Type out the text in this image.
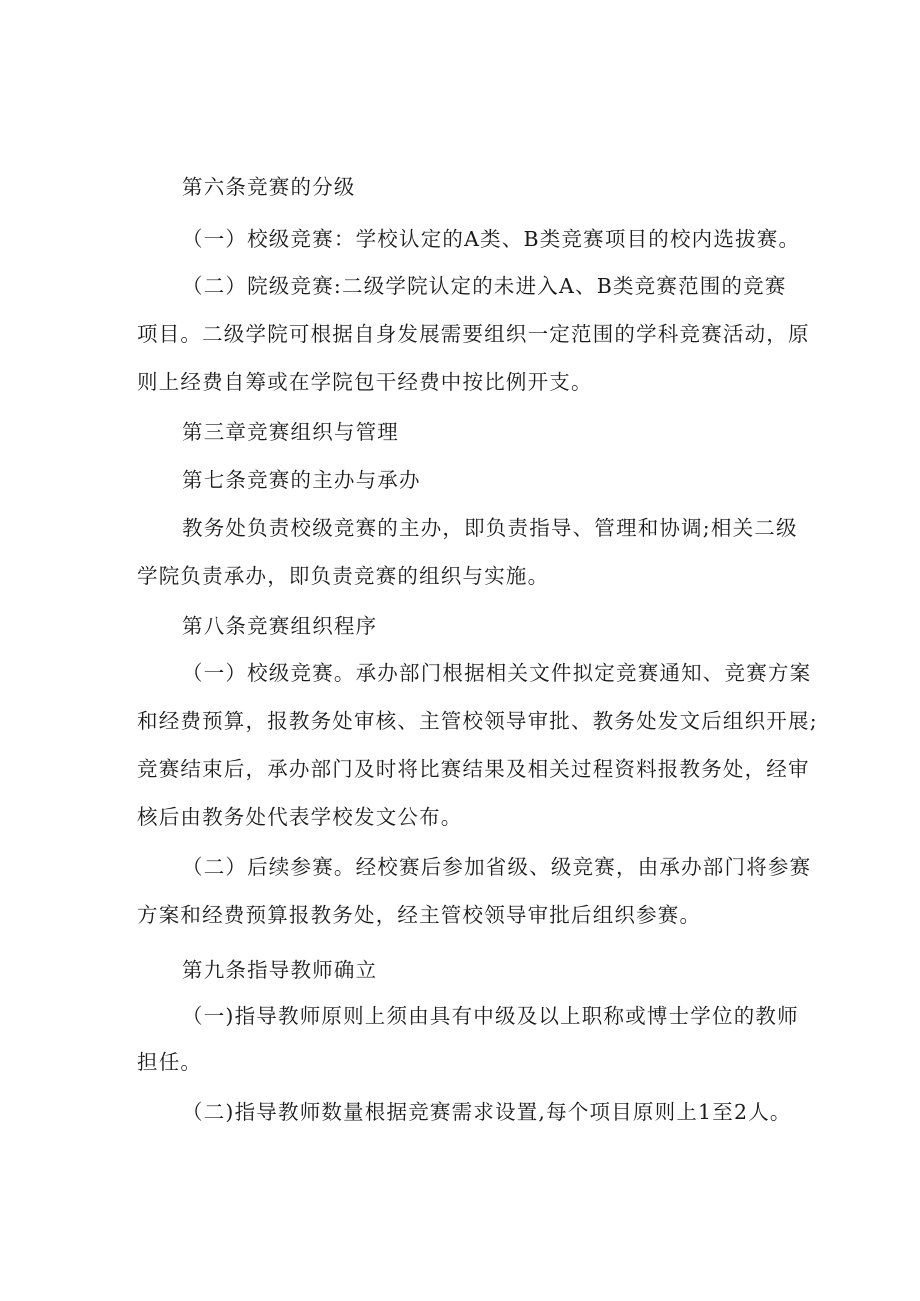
第六条竞赛的分级
（一）校级竞赛：学校认定的A类、B类竞赛项目的校内选拔赛。
（二）院级竞赛:二级学院认定的未进入A、B类竞赛范围的竞赛
项目。二级学院可根据自身发展需要组织一定范围的学科竞赛活动，原
则上经费自筹或在学院包干经费中按比例开支。
第三章竞赛组织与管理
第七条竞赛的主办与承办
教务处负责校级竞赛的主办，即负责指导、管理和协调;相关二级
学院负责承办，即负责竞赛的组织与实施。
第八条竞赛组织程序
（一）校级竞赛。承办部门根据相关文件拟定竞赛通知、竞赛方案
和经费预算，报教务处审核、主管校领导审批、教务处发文后组织开展;
竞赛结束后，承办部门及时将比赛结果及相关过程资料报教务处，经审
核后由教务处代表学校发文公布。
（二）后续参赛。经校赛后参加省级、级竞赛，由承办部门将参赛
方案和经费预算报教务处，经主管校领导审批后组织参赛。
第九条指导教师确立
（一)指导教师原则上须由具有中级及以上职称或博士学位的教师
担任。
（二)指导教师数量根据竞赛需求设置,每个项目原则上1至2人。
